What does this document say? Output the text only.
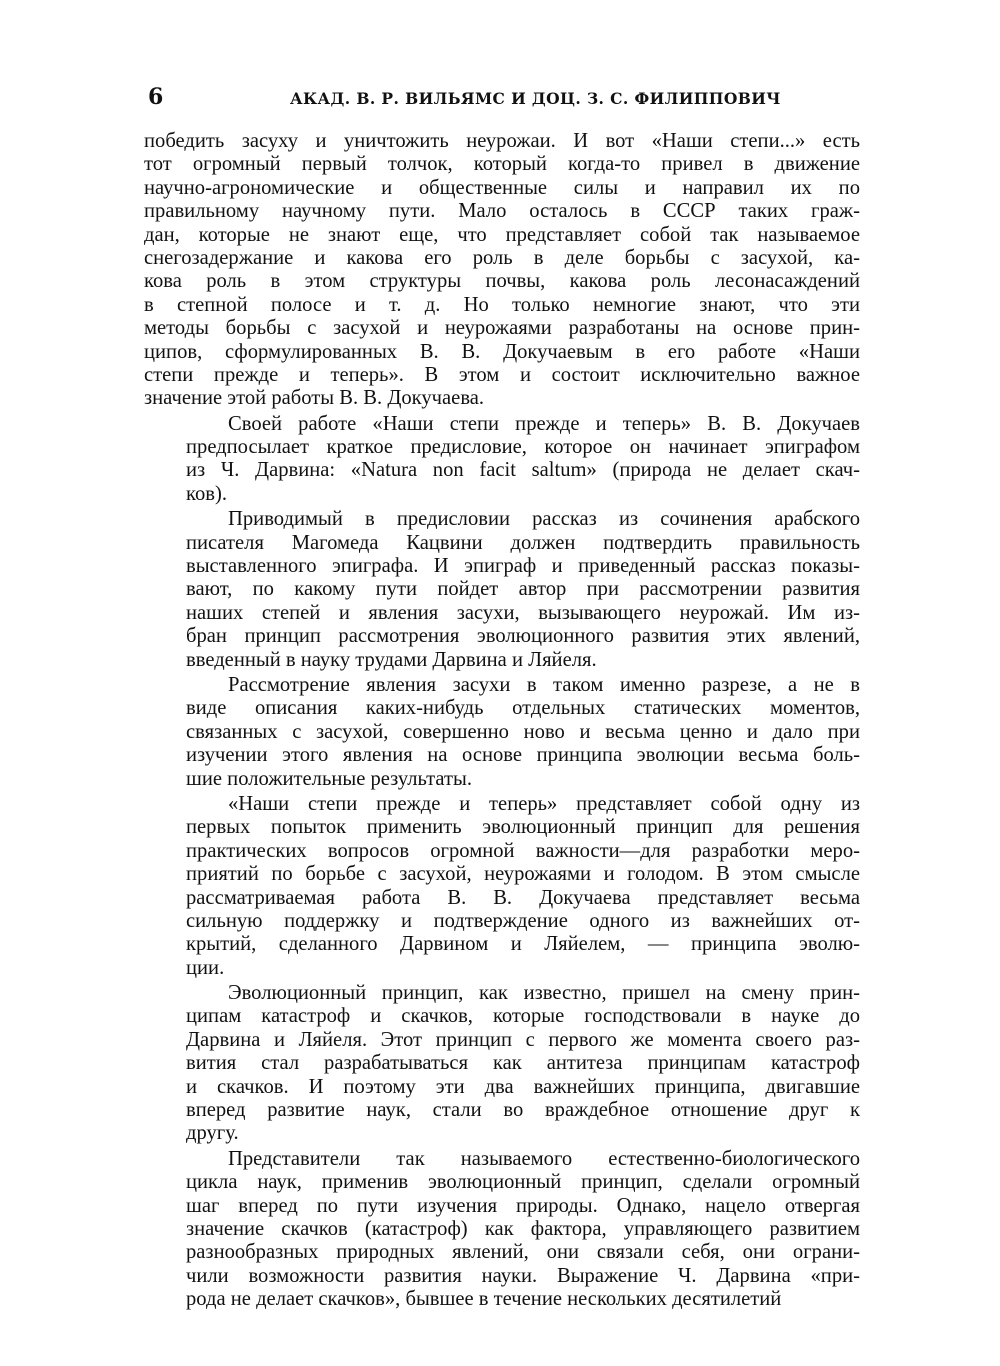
6	АКАД. В. Р. ВИЛЬЯМС И ДОЦ. З. С. ФИЛИППОВИЧ
победить засуху и уничтожить неурожаи. И вот «Наши степи...» есть
тот огромный первый толчок, который когда-то привел в движение
научно-агрономические и общественные силы и направил их по
правильному научному пути. Мало осталось в СССР таких граж-
дан, которые не знают еще, что представляет собой так называемое
снегозадержание и какова его роль в деле борьбы с засухой, ка-
кова роль в этом структуры почвы, какова роль лесонасаждений
в степной полосе и т. д. Но только немногие знают, что эти
методы борьбы с засухой и неурожаями разработаны на основе прин-
ципов, сформулированных В. В. Докучаевым в его работе «Наши
степи прежде и теперь». В этом и состоит исключительно важное
значение этой работы В. В. Докучаева.
Своей работе «Наши степи прежде и теперь» В. В. Докучаев
предпосылает краткое предисловие, которое он начинает эпиграфом
из Ч. Дарвина: «Natura non facit saltum» (природа не делает скач-
ков).
Приводимый в предисловии рассказ из сочинения арабского
писателя Магомеда Кацвини должен подтвердить правильность
выставленного эпиграфа. И эпиграф и приведенный рассказ показы-
вают, по какому пути пойдет автор при рассмотрении развития
наших степей и явления засухи, вызывающего неурожай. Им из-
бран принцип рассмотрения эволюционного развития этих явлений,
введенный в науку трудами Дарвина и Ляйеля.
Рассмотрение явления засухи в таком именно разрезе, а не в
виде описания каких-нибудь отдельных статических моментов,
связанных с засухой, совершенно ново и весьма ценно и дало при
изучении этого явления на основе принципа эволюции весьма боль-
шие положительные результаты.
«Наши степи прежде и теперь» представляет собой одну из
первых попыток применить эволюционный принцип для решения
практических вопросов огромной важности—для разработки меро-
приятий по борьбе с засухой, неурожаями и голодом. В этом смысле
рассматриваемая работа В. В. Докучаева представляет весьма
сильную поддержку и подтверждение одного из важнейших от-
крытий, сделанного Дарвином и Ляйелем, — принципа эволю-
ции.
Эволюционный принцип, как известно, пришел на смену прин-
ципам катастроф и скачков, которые господствовали в науке до
Дарвина и Ляйеля. Этот принцип с первого же момента своего раз-
вития стал разрабатываться как антитеза принципам катастроф
и скачков. И поэтому эти два важнейших принципа, двигавшие
вперед развитие наук, стали во враждебное отношение друг к
другу.
Представители так называемого естественно-биологического
цикла наук, применив эволюционный принцип, сделали огромный
шаг вперед по пути изучения природы. Однако, нацело отвергая
значение скачков (катастроф) как фактора, управляющего развитием
разнообразных природных явлений, они связали себя, они ограни-
чили возможности развития науки. Выражение Ч. Дарвина «при-
рода не делает скачков», бывшее в течение нескольких десятилетий
